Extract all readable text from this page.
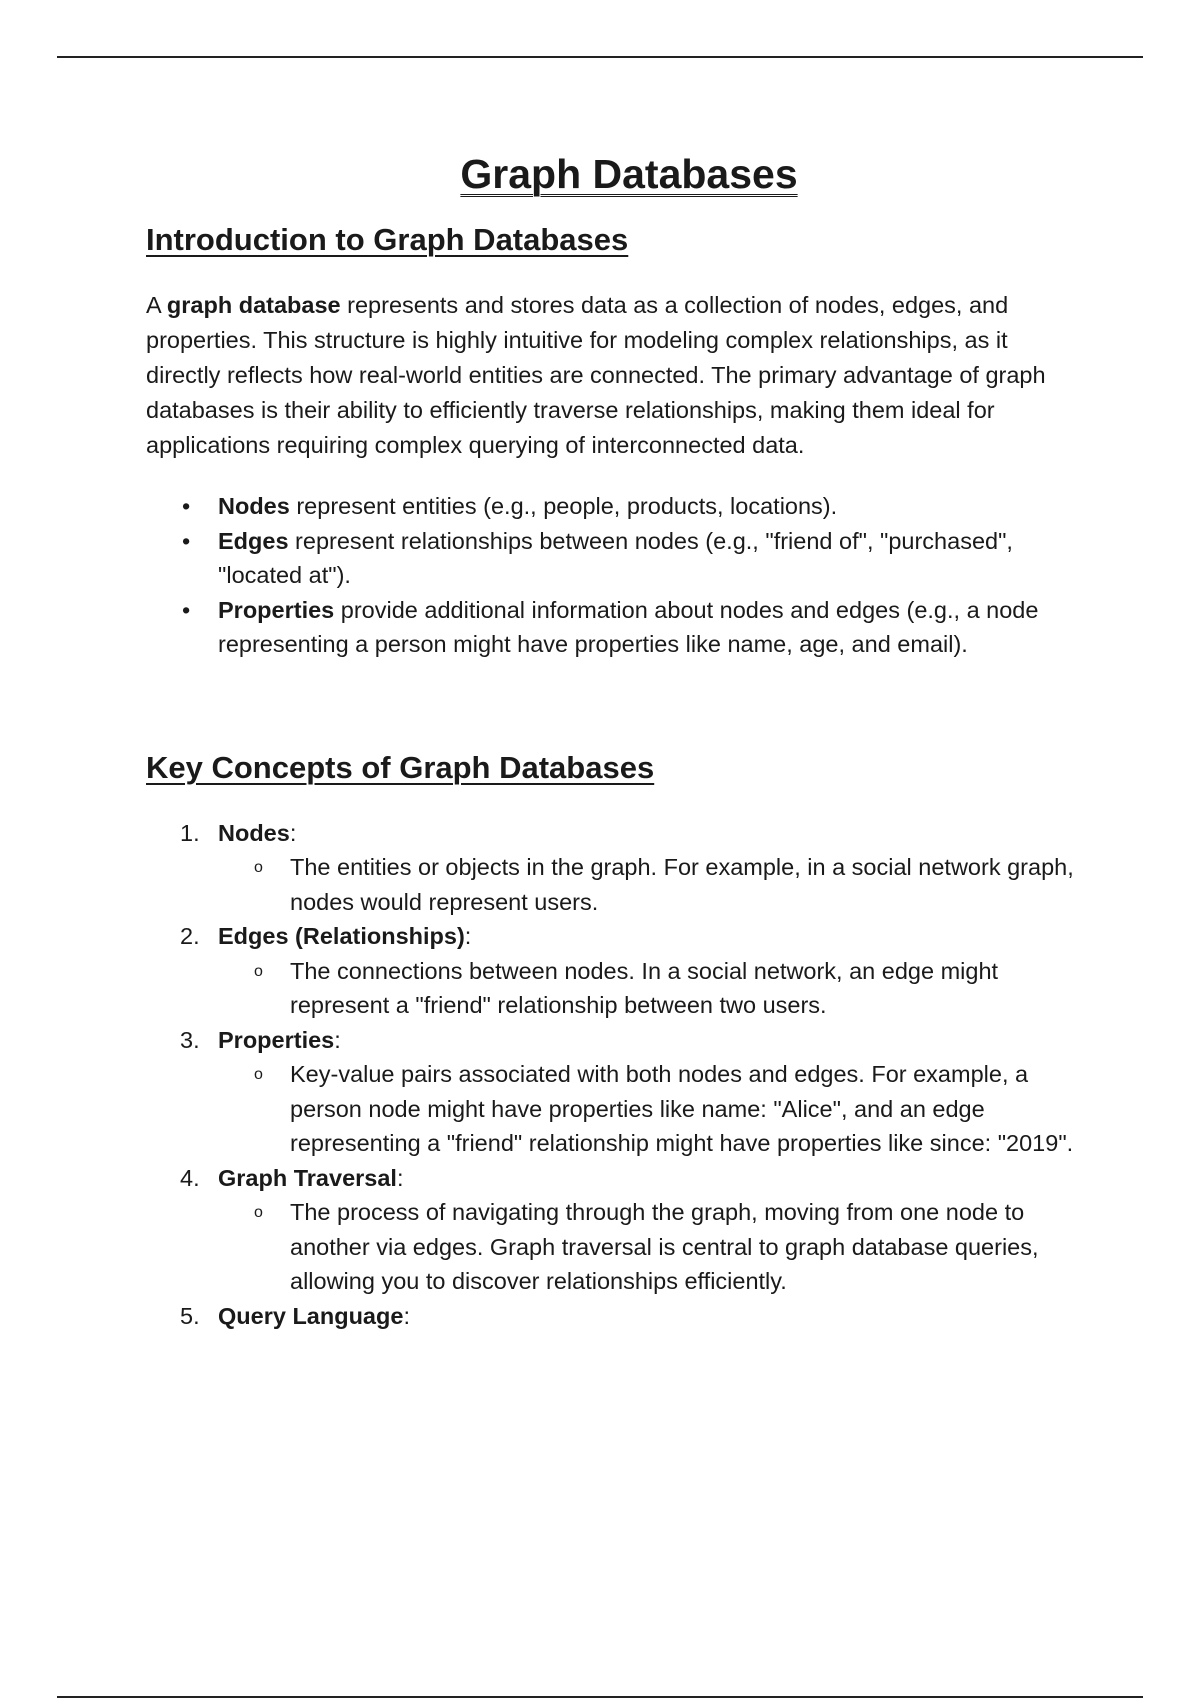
Graph Databases
Introduction to Graph Databases

A graph database represents and stores data as a collection of nodes, edges, and properties. This structure is highly intuitive for modeling complex relationships, as it directly reflects how real-world entities are connected. The primary advantage of graph databases is their ability to efficiently traverse relationships, making them ideal for applications requiring complex querying of interconnected data.

• Nodes represent entities (e.g., people, products, locations).
• Edges represent relationships between nodes (e.g., "friend of", "purchased", "located at").
• Properties provide additional information about nodes and edges (e.g., a node representing a person might have properties like name, age, and email).
Key Concepts of Graph Databases
1. Nodes:
o The entities or objects in the graph. For example, in a social network graph, nodes would represent users.
2. Edges (Relationships):
o The connections between nodes. In a social network, an edge might represent a "friend" relationship between two users.
3. Properties:
o Key-value pairs associated with both nodes and edges. For example, a person node might have properties like name: "Alice", and an edge representing a "friend" relationship might have properties like since: "2019".
4. Graph Traversal:
o The process of navigating through the graph, moving from one node to another via edges. Graph traversal is central to graph database queries, allowing you to discover relationships efficiently.
5. Query Language:
